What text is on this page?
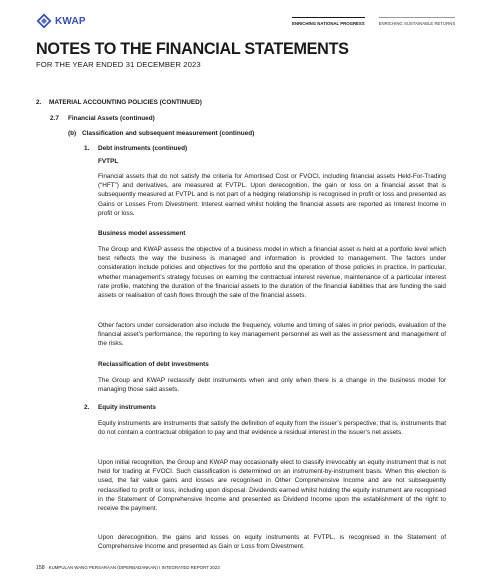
KWAP	ENRICHING NATIONAL PROGRESS	ENRICHING SUSTAINABLE RETURNS
NOTES TO THE FINANCIAL STATEMENTS
FOR THE YEAR ENDED 31 DECEMBER 2023
2. MATERIAL ACCOUNTING POLICIES (CONTINUED)
2.7 Financial Assets (continued)
(b) Classification and subsequent measurement (continued)
1. Debt instruments (continued)
FVTPL
Financial assets that do not satisfy the criteria for Amortised Cost or FVOCI, including financial assets Held-For-Trading (“HFT”) and derivatives, are measured at FVTPL. Upon derecognition, the gain or loss on a financial asset that is subsequently measured at FVTPL and is not part of a hedging relationship is recognised in profit or loss and presented as Gains or Losses From Divestment. Interest earned whilst holding the financial assets are reported as Interest Income in profit or loss.
Business model assessment
The Group and KWAP assess the objective of a business model in which a financial asset is held at a portfolio level which best reflects the way the business is managed and information is provided to management. The factors under consideration include policies and objectives for the portfolio and the operation of those policies in practice. In particular, whether management’s strategy focuses on earning the contractual interest revenue, maintenance of a particular interest rate profile, matching the duration of the financial assets to the duration of the financial liabilities that are funding the said assets or realisation of cash flows through the sale of the financial assets.
Other factors under consideration also include the frequency, volume and timing of sales in prior periods, evaluation of the financial asset’s performance, the reporting to key management personnel as well as the assessment and management of the risks.
Reclassification of debt investments
The Group and KWAP reclassify debt instruments when and only when there is a change in the business model for managing those said assets.
2. Equity instruments
Equity instruments are instruments that satisfy the definition of equity from the issuer’s perspective; that is, instruments that do not contain a contractual obligation to pay and that evidence a residual interest in the issuer’s net assets.
Upon initial recognition, the Group and KWAP may occasionally elect to classify irrevocably an equity instrument that is not held for trading at FVOCI. Such classification is determined on an instrument-by-instrument basis. When this election is used, the fair value gains and losses are recognised in Other Comprehensive Income and are not subsequently reclassified to profit or loss, including upon disposal. Dividends earned whilst holding the equity instrument are recognised in the Statement of Comprehensive Income and presented as Dividend Income upon the establishment of the right to receive the payment.
Upon derecognition, the gains and losses on equity instruments at FVTPL, is recognised in the Statement of Comprehensive Income and presented as Gain or Loss from Divestment.
158 KUMPULAN WANG PERSARAAN (DIPERBADANKAN) I INTEGRATED REPORT 2023
